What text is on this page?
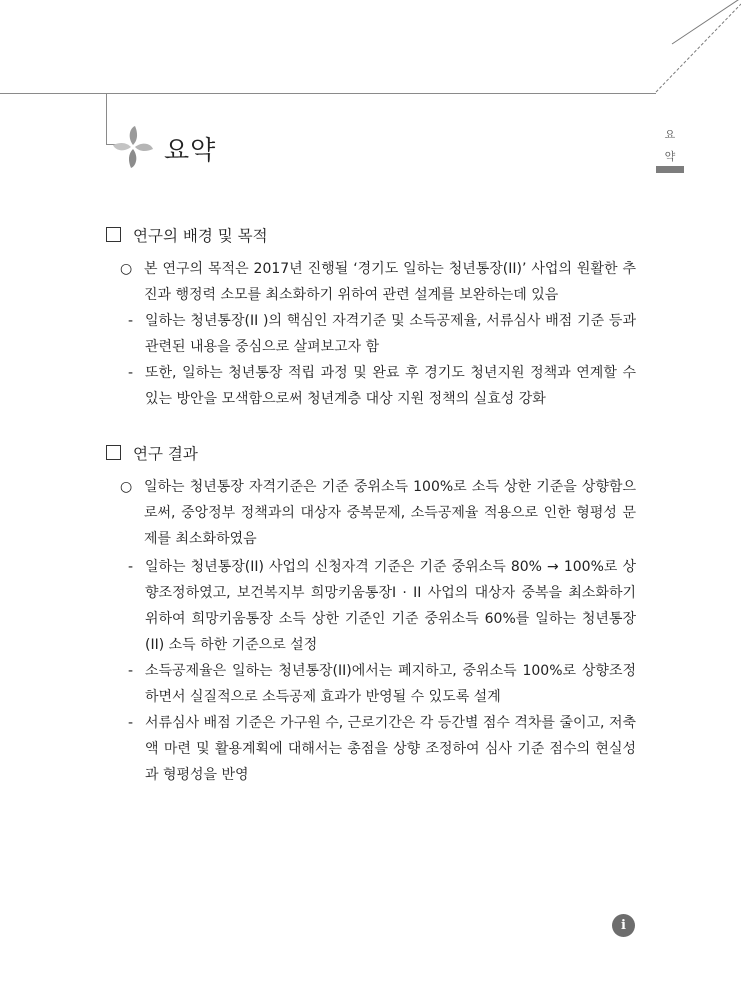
요약
요
약
연구의 배경 및 목적
○ 본 연구의 목적은 2017년 진행될 ‘경기도 일하는 청년통장(II)’ 사업의 원활한 추진과 행정력 소모를 최소화하기 위하여 관련 설계를 보완하는데 있음
- 일하는 청년통장(II )의 핵심인 자격기준 및 소득공제율, 서류심사 배점 기준 등과 관련된 내용을 중심으로 살펴보고자 함
- 또한, 일하는 청년통장 적립 과정 및 완료 후 경기도 청년지원 정책과 연계할 수 있는 방안을 모색함으로써 청년계층 대상 지원 정책의 실효성 강화
연구 결과
○ 일하는 청년통장 자격기준은 기준 중위소득 100%로 소득 상한 기준을 상향함으로써, 중앙정부 정책과의 대상자 중복문제, 소득공제율 적용으로 인한 형평성 문제를 최소화하였음
- 일하는 청년통장(II) 사업의 신청자격 기준은 기준 중위소득 80% → 100%로 상향조정하였고, 보건복지부 희망키움통장I · II 사업의 대상자 중복을 최소화하기 위하여 희망키움통장 소득 상한 기준인 기준 중위소득 60%를 일하는 청년통장(II) 소득 하한 기준으로 설정
- 소득공제율은 일하는 청년통장(II)에서는 폐지하고, 중위소득 100%로 상향조정하면서 실질적으로 소득공제 효과가 반영될 수 있도록 설계
- 서류심사 배점 기준은 가구원 수, 근로기간은 각 등간별 점수 격차를 줄이고, 저축액 마련 및 활용계획에 대해서는 총점을 상향 조정하여 심사 기준 점수의 현실성과 형평성을 반영
i
